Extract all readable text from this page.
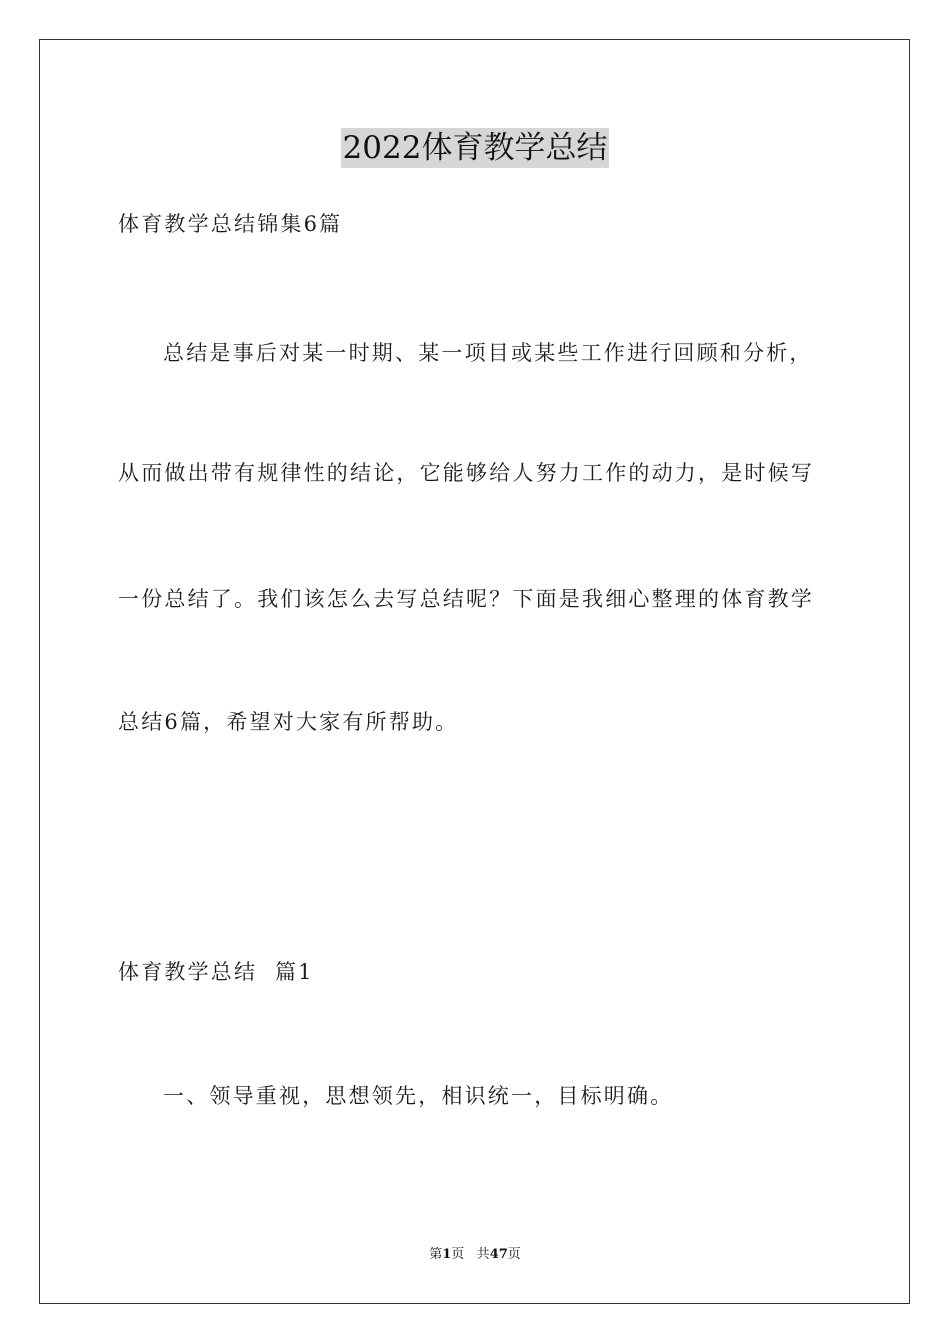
2022体育教学总结
体育教学总结锦集6篇
总结是事后对某一时期、某一项目或某些工作进行回顾和分析，
从而做出带有规律性的结论，它能够给人努力工作的动力，是时候写
一份总结了。我们该怎么去写总结呢？下面是我细心整理的体育教学
总结6篇，希望对大家有所帮助。
体育教学总结  篇1
一、领导重视，思想领先，相识统一，目标明确。
第1页 共47页
